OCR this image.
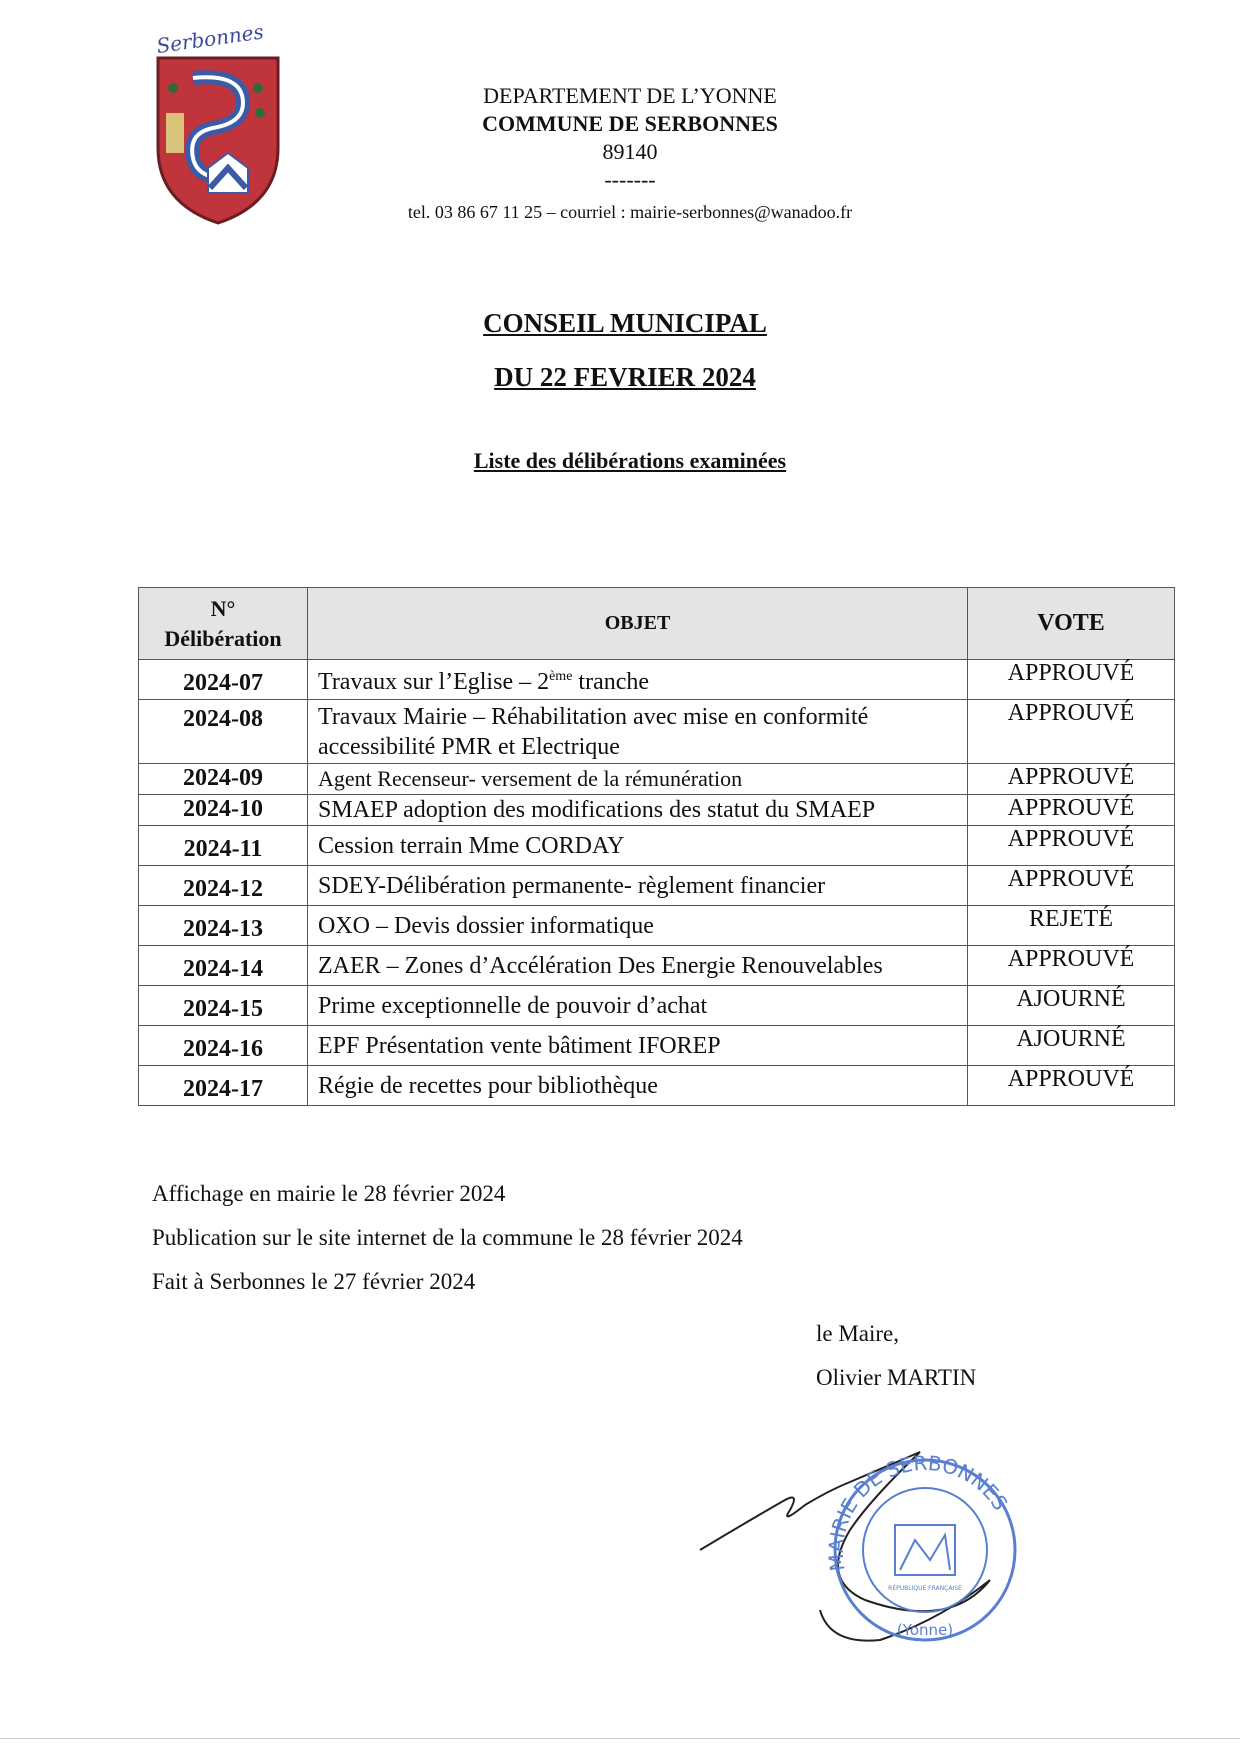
Serbonnes
DEPARTEMENT DE L’YONNE
COMMUNE DE SERBONNES
89140
-------
tel. 03 86 67 11 25 – courriel : mairie-serbonnes@wanadoo.fr
CONSEIL MUNICIPAL
DU 22 FEVRIER 2024
Liste des délibérations examinées
N°
Délibération	OBJET	VOTE
2024-07	Travaux sur l’Eglise – 2ème tranche	APPROUVÉ
2024-08	Travaux Mairie – Réhabilitation avec mise en conformité accessibilité PMR et Electrique	APPROUVÉ
2024-09	Agent Recenseur- versement de la rémunération	APPROUVÉ
2024-10	SMAEP adoption des modifications des statut du SMAEP	APPROUVÉ
2024-11	Cession terrain Mme CORDAY	APPROUVÉ
2024-12	SDEY-Délibération permanente- règlement financier	APPROUVÉ
2024-13	OXO – Devis dossier informatique	REJETÉ
2024-14	ZAER – Zones d’Accélération Des Energie Renouvelables	APPROUVÉ
2024-15	Prime exceptionnelle de pouvoir d’achat	AJOURNÉ
2024-16	EPF Présentation vente bâtiment IFOREP	AJOURNÉ
2024-17	Régie de recettes pour bibliothèque	APPROUVÉ
Affichage en mairie le 28 février 2024
Publication sur le site internet de la commune le 28 février 2024
Fait à Serbonnes le 27 février 2024
le Maire,
Olivier MARTIN
MAIRIE DE SERBONNES
(Yonne)
RÉPUBLIQUE FRANÇAISE
